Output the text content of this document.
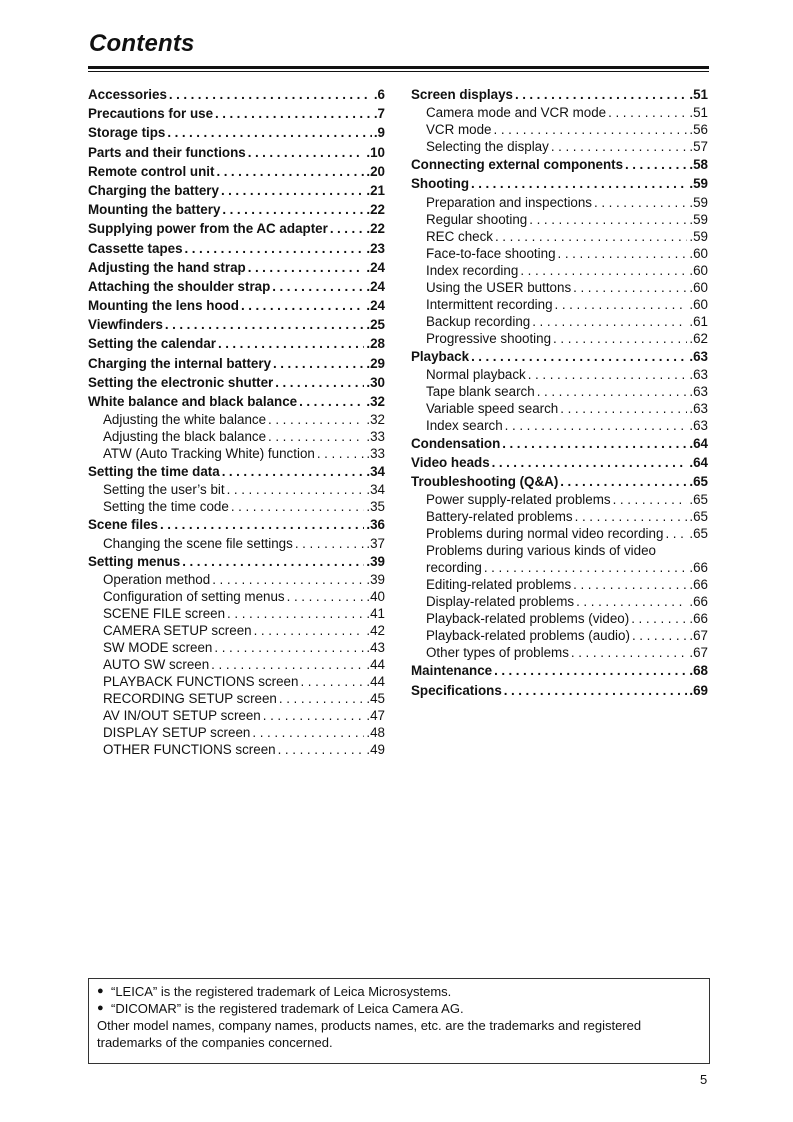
Contents
Accessories .....	.6
Precautions for use .....	.7
Storage tips .....	.9
Parts and their functions .....	.10
Remote control unit .....	.20
Charging the battery .....	.21
Mounting the battery .....	.22
Supplying power from the AC adapter .....	.22
Cassette tapes .....	.23
Adjusting the hand strap .....	.24
Attaching the shoulder strap .....	.24
Mounting the lens hood .....	.24
Viewfinders .....	.25
Setting the calendar .....	.28
Charging the internal battery .....	.29
Setting the electronic shutter .....	.30
White balance and black balance .....	.32
Adjusting the white balance .....	.32
Adjusting the black balance .....	.33
ATW (Auto Tracking White) function .....	.33
Setting the time data .....	.34
Setting the user’s bit .....	.34
Setting the time code .....	.35
Scene files .....	.36
Changing the scene file settings .....	.37
Setting menus .....	.39
Operation method .....	.39
Configuration of setting menus .....	.40
SCENE FILE screen .....	.41
CAMERA SETUP screen .....	.42
SW MODE screen .....	.43
AUTO SW screen .....	.44
PLAYBACK FUNCTIONS screen .....	.44
RECORDING SETUP screen .....	.45
AV IN/OUT SETUP screen .....	.47
DISPLAY SETUP screen .....	.48
OTHER FUNCTIONS screen .....	.49
Screen displays .....	.51
Camera mode and VCR mode .....	.51
VCR mode .....	.56
Selecting the display .....	.57
Connecting external components .....	.58
Shooting .....	.59
Preparation and inspections .....	.59
Regular shooting .....	.59
REC check .....	.59
Face-to-face shooting .....	.60
Index recording .....	.60
Using the USER buttons .....	.60
Intermittent recording .....	.60
Backup recording .....	.61
Progressive shooting .....	.62
Playback .....	.63
Normal playback .....	.63
Tape blank search .....	.63
Variable speed search .....	.63
Index search .....	.63
Condensation .....	.64
Video heads .....	.64
Troubleshooting (Q&A) .....	.65
Power supply-related problems .....	.65
Battery-related problems .....	.65
Problems during normal video recording ..... .65
Problems during various kinds of video
recording .....	.66
Editing-related problems .....	.66
Display-related problems .....	.66
Playback-related problems (video) .....	.66
Playback-related problems (audio) .....	.67
Other types of problems .....	.67
Maintenance .....	.68
Specifications .....	.69
● “LEICA” is the registered trademark of Leica Microsystems.
● “DICOMAR” is the registered trademark of Leica Camera AG.
Other model names, company names, products names, etc. are the trademarks and registered trademarks of the companies concerned.
5
